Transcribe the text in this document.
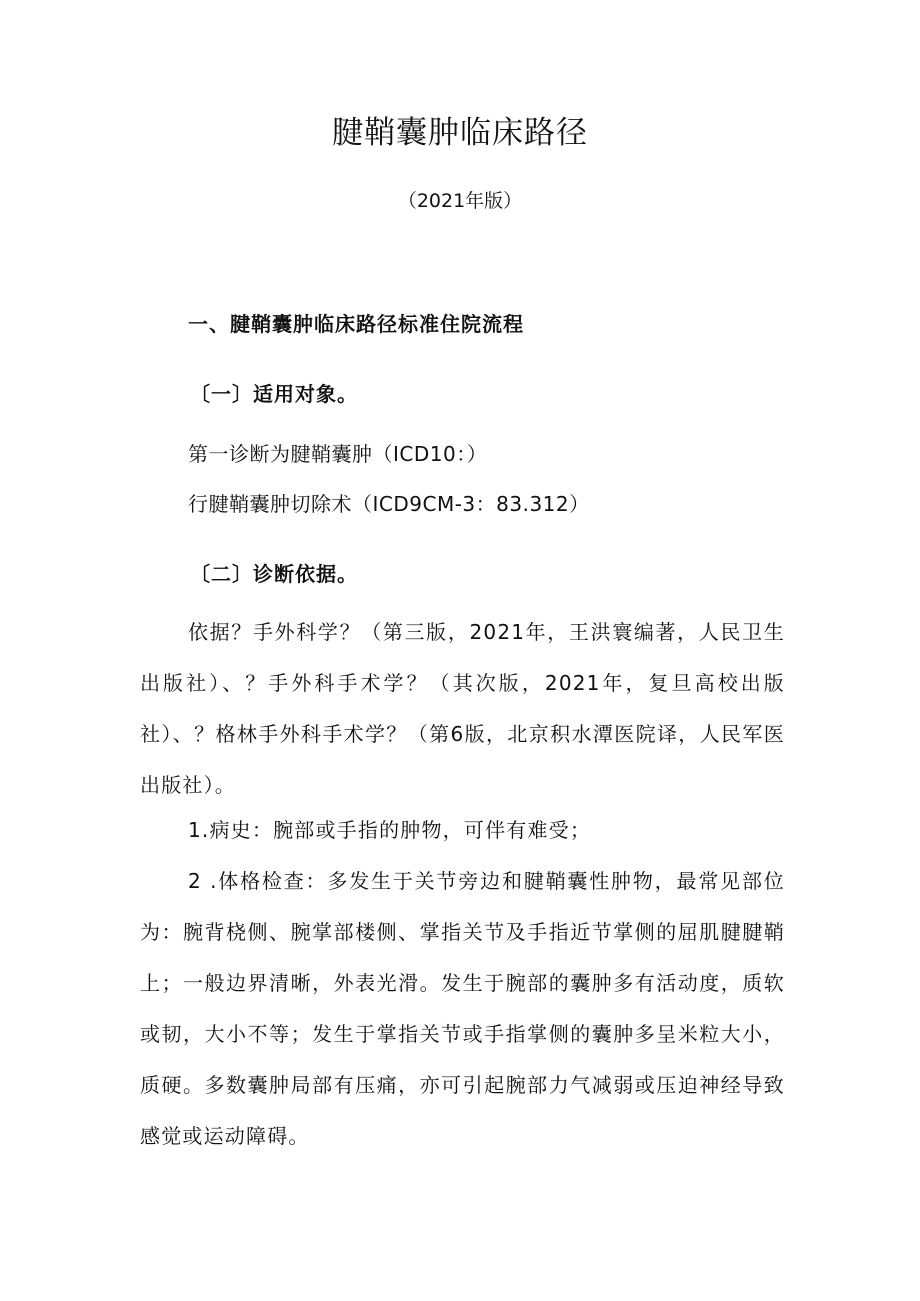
腱鞘囊肿临床路径
（2021年版）
一、腱鞘囊肿临床路径标准住院流程
〔一〕适用对象。
第一诊断为腱鞘囊肿（ICD10：）
行腱鞘囊肿切除术（ICD9CM-3：83.312）
〔二〕诊断依据。

依据？手外科学？（第三版，2021年，王洪寰编著，人民卫生出版社）、？手外科手术学？（其次版，2021年，复旦高校出版社）、？格林手外科手术学？（第6版，北京积水潭医院译，人民军医出版社）。

1.病史：腕部或手指的肿物，可伴有难受；

2 .体格检查：多发生于关节旁边和腱鞘囊性肿物，最常见部位为：腕背桡侧、腕掌部楼侧、掌指关节及手指近节掌侧的屈肌腱腱鞘上；一般边界清晰，外表光滑。发生于腕部的囊肿多有活动度，质软或韧，大小不等；发生于掌指关节或手指掌侧的囊肿多呈米粒大小，质硬。多数囊肿局部有压痛，亦可引起腕部力气减弱或压迫神经导致感觉或运动障碍。
